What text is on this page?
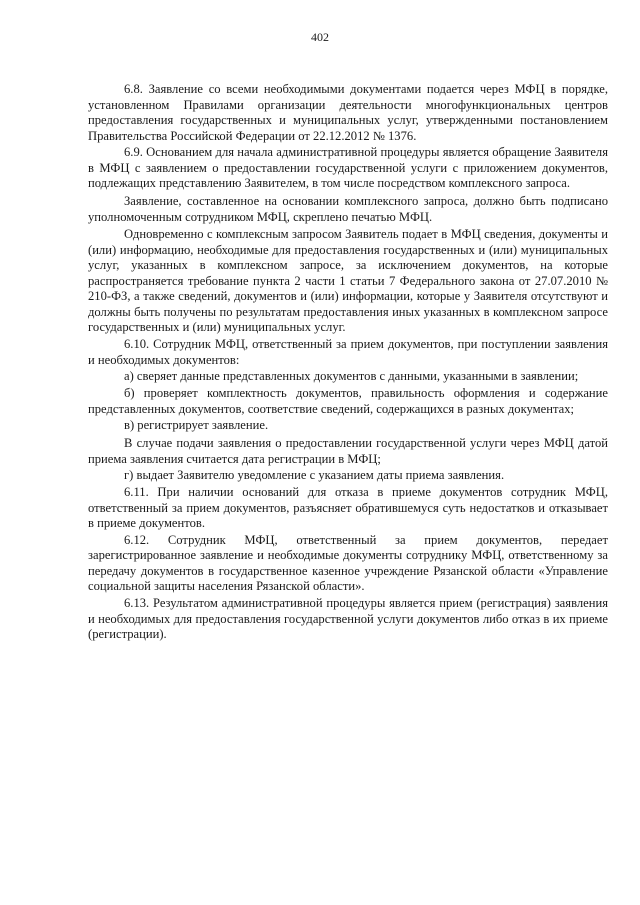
402

6.8. Заявление со всеми необходимыми документами подается через МФЦ в порядке, установленном Правилами организации деятельности многофункциональных центров предоставления государственных и муниципальных услуг, утвержденными постановлением Правительства Российской Федерации от 22.12.2012 № 1376.

6.9. Основанием для начала административной процедуры является обращение Заявителя в МФЦ с заявлением о предоставлении государственной услуги с приложением документов, подлежащих представлению Заявителем, в том числе посредством комплексного запроса.

Заявление, составленное на основании комплексного запроса, должно быть подписано уполномоченным сотрудником МФЦ, скреплено печатью МФЦ.

Одновременно с комплексным запросом Заявитель подает в МФЦ сведения, документы и (или) информацию, необходимые для предоставления государственных и (или) муниципальных услуг, указанных в комплексном запросе, за исключением документов, на которые распространяется требование пункта 2 части 1 статьи 7 Федерального закона от 27.07.2010 № 210-ФЗ, а также сведений, документов и (или) информации, которые у Заявителя отсутствуют и должны быть получены по результатам предоставления иных указанных в комплексном запросе государственных и (или) муниципальных услуг.

6.10. Сотрудник МФЦ, ответственный за прием документов, при поступлении заявления и необходимых документов:

а) сверяет данные представленных документов с данными, указанными в заявлении;

б) проверяет комплектность документов, правильность оформления и содержание представленных документов, соответствие сведений, содержащихся в разных документах;

в) регистрирует заявление.

В случае подачи заявления о предоставлении государственной услуги через МФЦ датой приема заявления считается дата регистрации в МФЦ;

г) выдает Заявителю уведомление с указанием даты приема заявления.

6.11. При наличии оснований для отказа в приеме документов сотрудник МФЦ, ответственный за прием документов, разъясняет обратившемуся суть недостатков и отказывает в приеме документов.

6.12. Сотрудник МФЦ, ответственный за прием документов, передает зарегистрированное заявление и необходимые документы сотруднику МФЦ, ответственному за передачу документов в государственное казенное учреждение Рязанской области «Управление социальной защиты населения Рязанской области».

6.13. Результатом административной процедуры является прием (регистрация) заявления и необходимых для предоставления государственной услуги документов либо отказ в их приеме (регистрации).
